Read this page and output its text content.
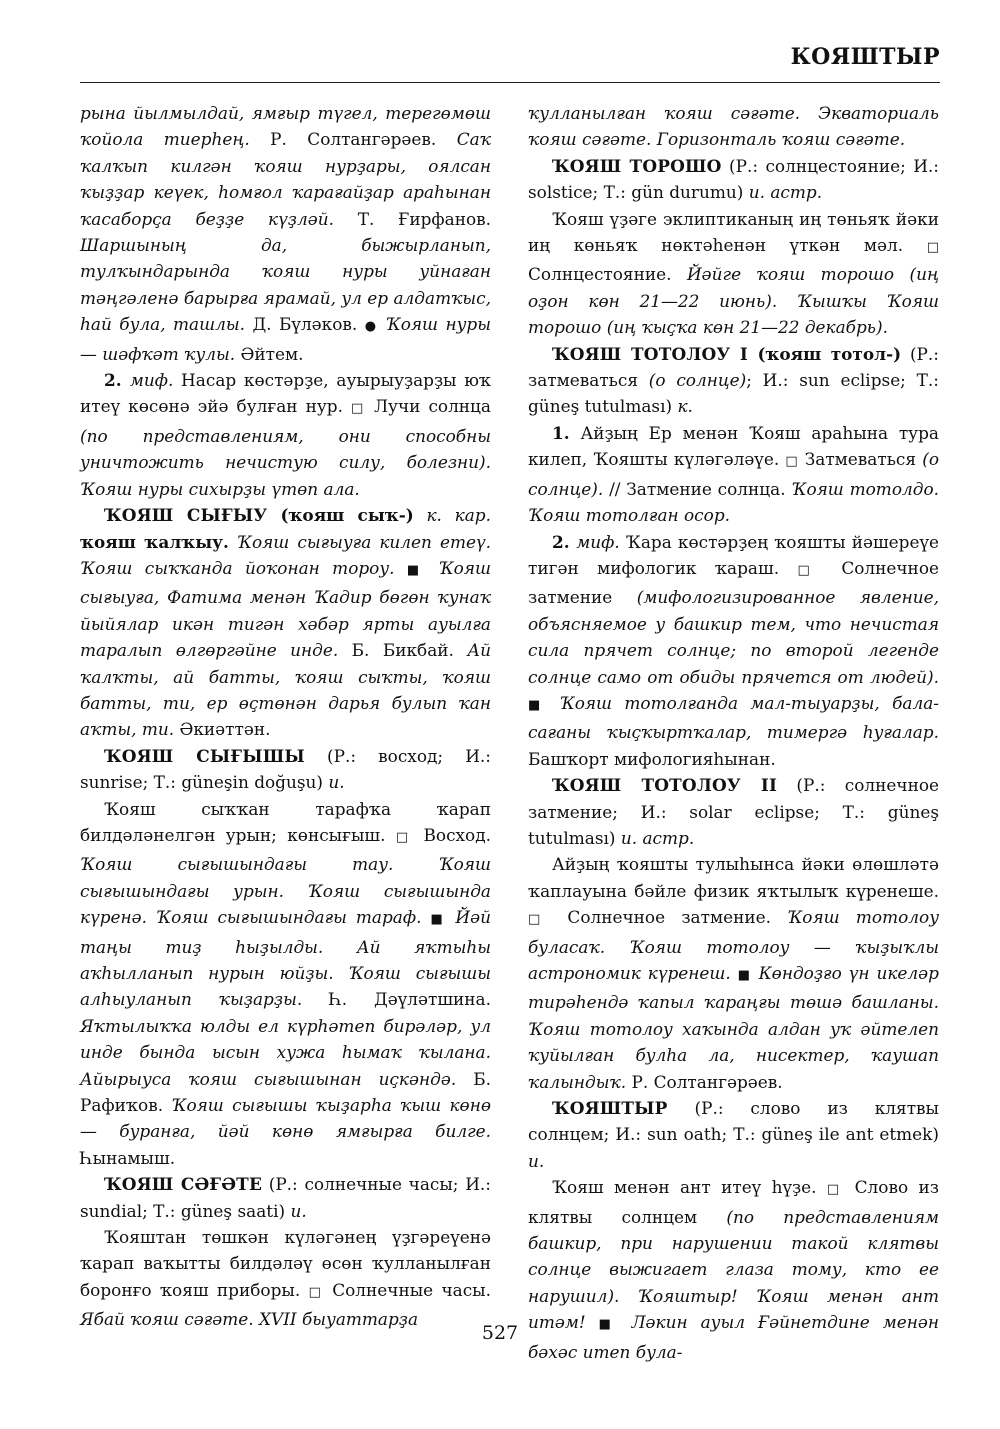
КОЯШТЫР

рына йылмылдай, ямғыр түгел, терегөмөш ҡойола тиерһең. Р. Солтангәрәев. Саҡ ҡалҡып килгән ҡояш нурҙары, оялсан ҡыҙҙар кеүек, һомғол ҡарағайҙар араһынан ҡасаборҫа беҙҙе күҙләй. Т. Ғирфанов. Шаршының да, быжырланып, тулҡындарында ҡояш нуры уйнаған тәңгәленә барырға ярамай, ул ер алдатҡыс, һай була, ташлы. Д. Бүләков. ● Ҡояш нуры — шәфҡәт ҡулы. Әйтем.

2. миф. Насар көстәрҙе, ауырыуҙарҙы юҡ итеү көсөнә эйә булған нур. □ Лучи солнца (по представлениям, они способны уничтожить нечистую силу, болезни). Ҡояш нуры сихырҙы үтөп ала.

ҠОЯШ СЫҒЫУ (ҡояш сыҡ-) к. кар. ҡояш ҡалҡыу. Ҡояш сығыуға килеп етеү. Ҡояш сыҡҡанда йоҡонан тороу. ■ Ҡояш сығыуға, Фатима менән Ҡадир бөгөн ҡунаҡ йыйялар икән тигән хәбәр ярты ауылға таралып өлгөргәйне инде. Б. Бикбай. Ай ҡалҡты, ай батты, ҡояш сыҡты, ҡояш батты, ти, ер өҫтөнән дарья булып ҡан аҡты, ти. Әкиәттән.

ҠОЯШ СЫҒЫШЫ (Р.: восход; И.: sunrise; Т.: güneşin doğuşu) и.

Ҡояш сыҡҡан тарафҡа ҡарап билдәләнелгән урын; көнсығыш. □ Восход. Ҡояш сығышындағы тау. Ҡояш сығышындағы урын. Ҡояш сығышында күренә. Ҡояш сығышындағы тараф. ■ Йәй таңы тиҙ һыҙылды. Ай яҡтыһы аҡһылланып нурын юйҙы. Ҡояш сығышы алһыуланып ҡыҙарҙы. Һ. Дәүләтшина. Яҡтылыҡҡа юлды ел күрһәтеп бирәләр, ул инде бында ысын хужа һымаҡ ҡылана. Айырыуса ҡояш сығышынан иҫкәндә. Б. Рафиҡов. Ҡояш сығышы ҡыҙарһа ҡыш көнө — буранға, йәй көнө ямғырға билге. Һынамыш.

ҠОЯШ СӘҒӘТЕ (Р.: солнечные часы; И.: sundial; Т.: güneş saati) и.

Ҡояштан төшкән күләгәнең үҙгәреүенә ҡарап ваҡытты билдәләү өсөн ҡулланылған боронғо ҡояш приборы. □ Солнечные часы. Ябай ҡояш сәғәте. XVII быуаттарҙа

ҡулланылған ҡояш сәғәте. Экваториаль ҡояш сәғәте. Горизонталь ҡояш сәғәте.

ҠОЯШ ТОРОШО (Р.: солнцестояние; И.: solstice; Т.: gün durumu) и. астр.

Ҡояш үҙәге эклиптиканың иң төньяҡ йәки иң көньяҡ нөктәһенән үткән мәл. □ Солнцестояние. Йәйге ҡояш торошо (иң оҙон көн 21—22 июнь). Ҡышҡы Ҡояш торошо (иң ҡыҫҡа көн 21—22 декабрь).

ҠОЯШ ТОТОЛОУ I (ҡояш тотол-) (Р.: затмеваться (о солнце); И.: sun eclipse; Т.: güneş tutulması) к.

1. Айҙың Ер менән Ҡояш араһына тура килеп, Ҡояшты күләгәләүе. □ Затмеваться (о солнце). // Затмение солнца. Ҡояш тотолдо. Ҡояш тотолған осор.

2. миф. Ҡара көстәрҙең ҡояшты йәшереүе тигән мифологик ҡараш. □ Солнечное затмение (мифологизированное явление, объясняемое у башкир тем, что нечистая сила прячет солнце; по второй легенде солнце само от обиды прячется от людей). ■ Ҡояш тотолғанда мал-тыуарҙы, бала-сағаны ҡыҫҡыртҡалар, тимергә һуғалар. Башҡорт мифологияһынан.

ҠОЯШ ТОТОЛОУ II (Р.: солнечное затмение; И.: solar eclipse; Т.: güneş tutulması) и. астр.

Айҙың ҡояшты тулыһынса йәки өлөшләтә ҡаплауына бәйле физик яҡтылыҡ күренеше. □ Солнечное затмение. Ҡояш тотолоу буласаҡ. Ҡояш тотолоу — ҡыҙыҡлы астрономик күренеш. ■ Көндоҙғо үн икеләр тирәһендә ҡапыл ҡараңғы төшә башланы. Ҡояш тотолоу хаҡында алдан уҡ әйтелеп ҡуйылған булһа ла, нисектер, ҡаушап ҡалындыҡ. Р. Солтангәрәев.

ҠОЯШТЫР (Р.: слово из клятвы солнцем; И.: sun oath; Т.: güneş ile ant etmek) и.

Ҡояш менән ант итеү һүҙе. □ Слово из клятвы солнцем (по представлениям башкир, при нарушении такой клятвы солнце выжигает глаза тому, кто ее нарушил). Ҡояштыр! Ҡояш менән ант итәм! ■ Ләкин ауыл Ғәйнетдине менән бәхәс итеп була-

527
